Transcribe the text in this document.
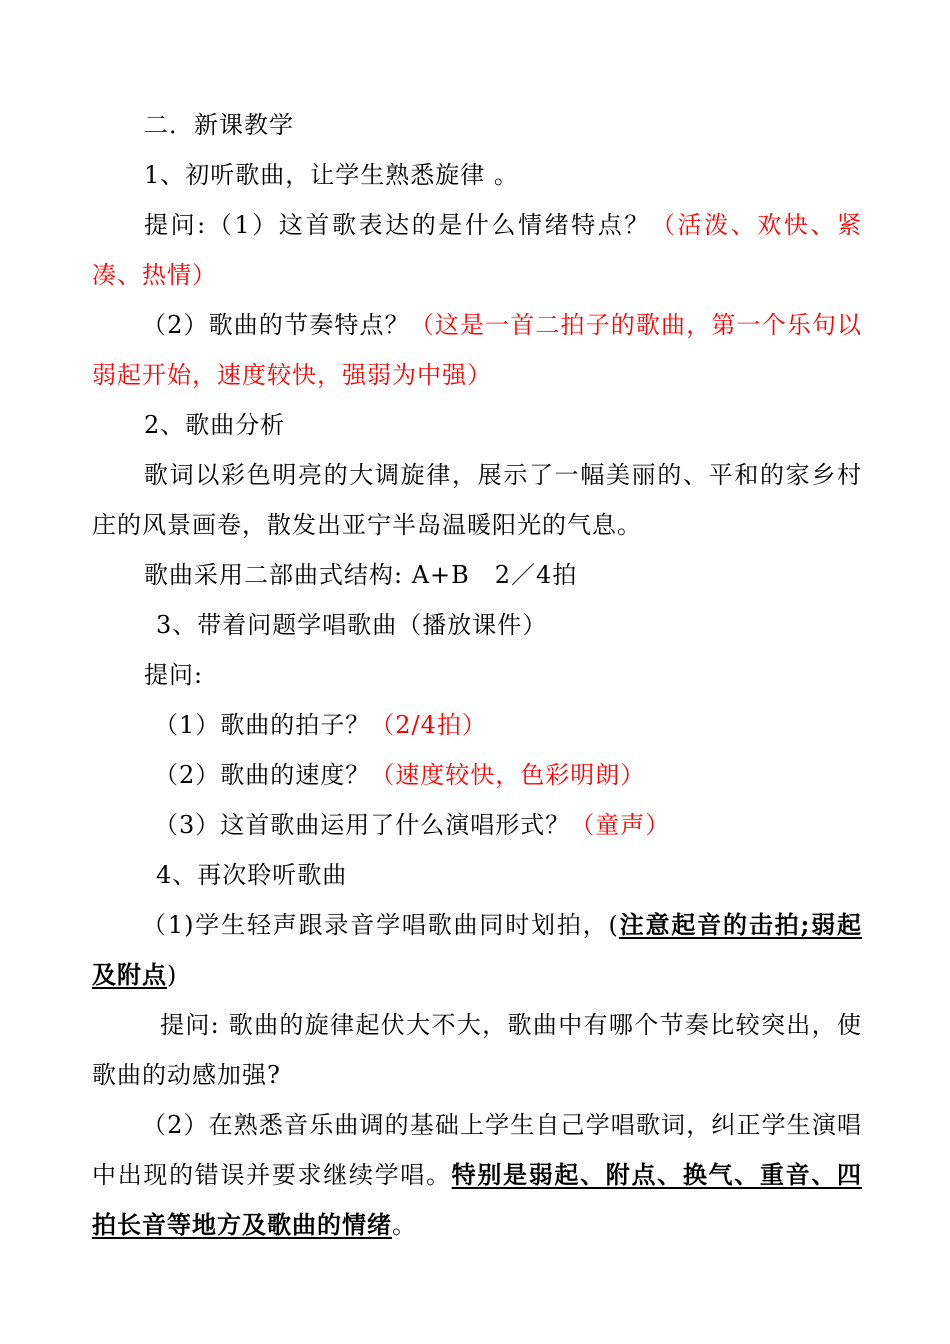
二．新课教学

1、初听歌曲，让学生熟悉旋律 。

提问:（1）这首歌表达的是什么情绪特点？（活泼、欢快、紧凑、热情）

（2）歌曲的节奏特点？（这是一首二拍子的歌曲，第一个乐句以弱起开始，速度较快，强弱为中强）

2、歌曲分析

歌词以彩色明亮的大调旋律，展示了一幅美丽的、平和的家乡村庄的风景画卷，散发出亚宁半岛温暖阳光的气息。

歌曲采用二部曲式结构: A+B　2／4拍

3、带着问题学唱歌曲（播放课件）

提问:

（1）歌曲的拍子？（2/4拍）

（2）歌曲的速度？（速度较快，色彩明朗）

（3）这首歌曲运用了什么演唱形式？（童声）

4、再次聆听歌曲

（1)学生轻声跟录音学唱歌曲同时划拍，(注意起音的击拍;弱起及附点)

提问: 歌曲的旋律起伏大不大，歌曲中有哪个节奏比较突出，使歌曲的动感加强?

（2）在熟悉音乐曲调的基础上学生自己学唱歌词，纠正学生演唱中出现的错误并要求继续学唱。特别是弱起、附点、换气、重音、四拍长音等地方及歌曲的情绪。
